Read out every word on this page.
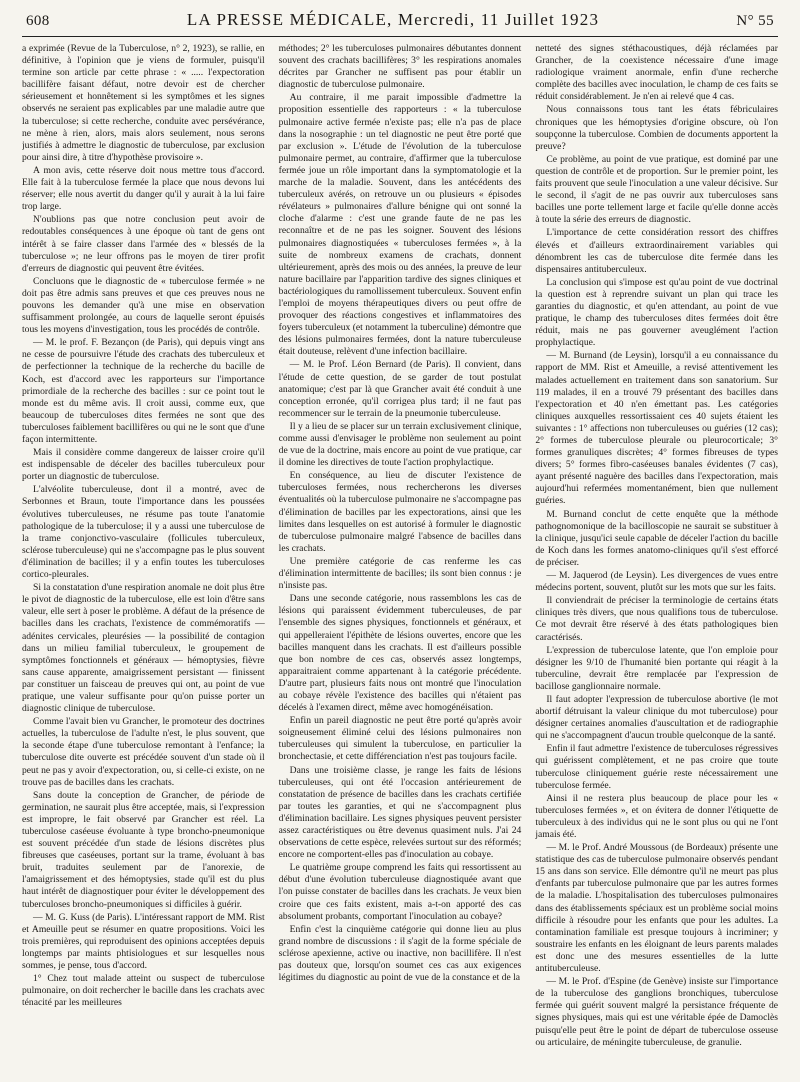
608	LA PRESSE MÉDICALE, Mercredi, 11 Juillet 1923	N° 55

a exprimée (Revue de la Tuberculose, n° 2, 1923), se rallie, en définitive, à l'opinion que je viens de formuler, puisqu'il termine son article par cette phrase : « ..... l'expectoration bacillifère faisant défaut, notre devoir est de chercher sérieusement et honnêtement si les symptômes et les signes observés ne seraient pas explicables par une maladie autre que la tuberculose; si cette recherche, conduite avec persévérance, ne mène à rien, alors, mais alors seulement, nous serons justifiés à admettre le diagnostic de tuberculose, par exclusion pour ainsi dire, à titre d'hypothèse provisoire ».

A mon avis, cette réserve doit nous mettre tous d'accord. Elle fait à la tuberculose fermée la place que nous devons lui réserver; elle nous avertit du danger qu'il y aurait à la lui faire trop large.

N'oublions pas que notre conclusion peut avoir de redoutables conséquences à une époque où tant de gens ont intérêt à se faire classer dans l'armée des « blessés de la tuberculose »; ne leur offrons pas le moyen de tirer profit d'erreurs de diagnostic qui peuvent être évitées.

Concluons que le diagnostic de « tuberculose fermée » ne doit pas être admis sans preuves et que ces preuves nous ne pouvons les demander qu'à une mise en observation suffisamment prolongée, au cours de laquelle seront épuisés tous les moyens d'investigation, tous les procédés de contrôle.

— M. le prof. F. Bezançon (de Paris), qui depuis vingt ans ne cesse de poursuivre l'étude des crachats des tuberculeux et de perfectionner la technique de la recherche du bacille de Koch, est d'accord avec les rapporteurs sur l'importance primordiale de la recherche des bacilles : sur ce point tout le monde est du même avis. Il croit aussi, comme eux, que beaucoup de tuberculoses dites fermées ne sont que des tuberculoses faiblement bacillifères ou qui ne le sont que d'une façon intermittente.

Mais il considère comme dangereux de laisser croire qu'il est indispensable de déceler des bacilles tuberculeux pour porter un diagnostic de tuberculose.

L'alvéolite tuberculeuse, dont il a montré, avec de Serbonnes et Braun, toute l'importance dans les poussées évolutives tuberculeuses, ne résume pas toute l'anatomie pathologique de la tuberculose; il y a aussi une tuberculose de la trame conjonctivo-vasculaire (follicules tuberculeux, sclérose tuberculeuse) qui ne s'accompagne pas le plus souvent d'élimination de bacilles; il y a enfin toutes les tuberculoses cortico-pleurales.

Si la constatation d'une respiration anomale ne doit plus être le pivot de diagnostic de la tuberculose, elle est loin d'être sans valeur, elle sert à poser le problème. A défaut de la présence de bacilles dans les crachats, l'existence de commémoratifs — adénites cervicales, pleurésies — la possibilité de contagion dans un milieu familial tuberculeux, le groupement de symptômes fonctionnels et généraux — hémoptysies, fièvre sans cause apparente, amaigrissement persistant — finissent par constituer un faisceau de preuves qui ont, au point de vue pratique, une valeur suffisante pour qu'on puisse porter un diagnostic clinique de tuberculose.

Comme l'avait bien vu Grancher, le promoteur des doctrines actuelles, la tuberculose de l'adulte n'est, le plus souvent, que la seconde étape d'une tuberculose remontant à l'enfance; la tuberculose dite ouverte est précédée souvent d'un stade où il peut ne pas y avoir d'expectoration, ou, si celle-ci existe, on ne trouve pas de bacilles dans les crachats.

Sans doute la conception de Grancher, de période de germination, ne saurait plus être acceptée, mais, si l'expression est impropre, le fait observé par Grancher est réel. La tuberculose caséeuse évoluante à type broncho-pneumonique est souvent précédée d'un stade de lésions discrètes plus fibreuses que caséeuses, portant sur la trame, évoluant à bas bruit, traduites seulement par de l'anorexie, de l'amaigrissement et des hémoptysies, stade qu'il est du plus haut intérêt de diagnostiquer pour éviter le développement des tuberculoses broncho-pneumoniques si difficiles à guérir.

— M. G. Kuss (de Paris). L'intéressant rapport de MM. Rist et Ameuille peut se résumer en quatre propositions. Voici les trois premières, qui reproduisent des opinions acceptées depuis longtemps par maints phtisiologues et sur lesquelles nous sommes, je pense, tous d'accord.

1° Chez tout malade atteint ou suspect de tuberculose pulmonaire, on doit rechercher le bacille dans les crachats avec ténacité par les meilleures

méthodes; 2° les tuberculoses pulmonaires débutantes donnent souvent des crachats bacillifères; 3° les respirations anomales décrites par Grancher ne suffisent pas pour établir un diagnostic de tuberculose pulmonaire.

Au contraire, il me parait impossible d'admettre la proposition essentielle des rapporteurs : « la tuberculose pulmonaire active fermée n'existe pas; elle n'a pas de place dans la nosographie : un tel diagnostic ne peut être porté que par exclusion ». L'étude de l'évolution de la tuberculose pulmonaire permet, au contraire, d'affirmer que la tuberculose fermée joue un rôle important dans la symptomatologie et la marche de la maladie. Souvent, dans les antécédents des tuberculeux avérés, on retrouve un ou plusieurs « épisodes révélateurs » pulmonaires d'allure bénigne qui ont sonné la cloche d'alarme : c'est une grande faute de ne pas les reconnaître et de ne pas les soigner. Souvent des lésions pulmonaires diagnostiquées « tuberculoses fermées », à la suite de nombreux examens de crachats, donnent ultérieurement, après des mois ou des années, la preuve de leur nature bacillaire par l'apparition tardive des signes cliniques et bactériologiques du ramollissement tuberculeux. Souvent enfin l'emploi de moyens thérapeutiques divers ou peut offre de provoquer des réactions congestives et inflammatoires des foyers tuberculeux (et notamment la tuberculine) démontre que des lésions pulmonaires fermées, dont la nature tuberculeuse était douteuse, relèvent d'une infection bacillaire.

— M. le Prof. Léon Bernard (de Paris). Il convient, dans l'étude de cette question, de se garder de tout postulat anatomique; c'est par là que Grancher avait été conduit à une conception erronée, qu'il corrigea plus tard; il ne faut pas recommencer sur le terrain de la pneumonie tuberculeuse.

Il y a lieu de se placer sur un terrain exclusivement clinique, comme aussi d'envisager le problème non seulement au point de vue de la doctrine, mais encore au point de vue pratique, car il domine les directives de toute l'action prophylactique.

En conséquence, au lieu de discuter l'existence de tuberculoses fermées, nous rechercherons les diverses éventualités où la tuberculose pulmonaire ne s'accompagne pas d'élimination de bacilles par les expectorations, ainsi que les limites dans lesquelles on est autorisé à formuler le diagnostic de tuberculose pulmonaire malgré l'absence de bacilles dans les crachats.

Une première catégorie de cas renferme les cas d'élimination intermittente de bacilles; ils sont bien connus : je n'insiste pas.

Dans une seconde catégorie, nous rassemblons les cas de lésions qui paraissent évidemment tuberculeuses, de par l'ensemble des signes physiques, fonctionnels et généraux, et qui appelleraient l'épithète de lésions ouvertes, encore que les bacilles manquent dans les crachats. Il est d'ailleurs possible que bon nombre de ces cas, observés assez longtemps, apparaitraient comme appartenant à la catégorie précédente. D'autre part, plusieurs faits nous ont montré que l'inoculation au cobaye révèle l'existence des bacilles qui n'étaient pas décelés à l'examen direct, même avec homogénéisation.

Enfin un pareil diagnostic ne peut être porté qu'après avoir soigneusement éliminé celui des lésions pulmonaires non tuberculeuses qui simulent la tuberculose, en particulier la bronchectasie, et cette différenciation n'est pas toujours facile.

Dans une troisième classe, je range les faits de lésions tuberculeuses, qui ont été l'occasion antérieurement de constatation de présence de bacilles dans les crachats certifiée par toutes les garanties, et qui ne s'accompagnent plus d'élimination bacillaire. Les signes physiques peuvent persister assez caractéristiques ou être devenus quasiment nuls. J'ai 24 observations de cette espèce, relevées surtout sur des réformés; encore ne comportent-elles pas d'inoculation au cobaye.

Le quatrième groupe comprend les faits qui ressortissent au début d'une évolution tuberculeuse diagnostiquée avant que l'on puisse constater de bacilles dans les crachats. Je veux bien croire que ces faits existent, mais a-t-on apporté des cas absolument probants, comportant l'inoculation au cobaye?

Enfin c'est la cinquième catégorie qui donne lieu au plus grand nombre de discussions : il s'agit de la forme spéciale de sclérose apexienne, active ou inactive, non bacillifère. Il n'est pas douteux que, lorsqu'on soumet ces cas aux exigences légitimes du diagnostic au point de vue de la constance et de la

netteté des signes stéthacoustiques, déjà réclamées par Grancher, de la coexistence nécessaire d'une image radiologique vraiment anormale, enfin d'une recherche complète des bacilles avec inoculation, le champ de ces faits se réduit considérablement. Je n'en ai relevé que 4 cas.

Nous connaissons tous tant les états fébriculaires chroniques que les hémoptysies d'origine obscure, où l'on soupçonne la tuberculose. Combien de documents apportent la preuve?

Ce problème, au point de vue pratique, est dominé par une question de contrôle et de proportion. Sur le premier point, les faits prouvent que seule l'inoculation a une valeur décisive. Sur le second, il s'agit de ne pas ouvrir aux tuberculoses sans bacilles une porte tellement large et facile qu'elle donne accès à toute la série des erreurs de diagnostic.

L'importance de cette considération ressort des chiffres élevés et d'ailleurs extraordinairement variables qui dénombrent les cas de tuberculose dite fermée dans les dispensaires antituberculeux.

La conclusion qui s'impose est qu'au point de vue doctrinal la question est à reprendre suivant un plan qui trace les garanties du diagnostic, et qu'en attendant, au point de vue pratique, le champ des tuberculoses dites fermées doit être réduit, mais ne pas gouverner aveuglément l'action prophylactique.

— M. Burnand (de Leysin), lorsqu'il a eu connaissance du rapport de MM. Rist et Ameuille, a revisé attentivement les malades actuellement en traitement dans son sanatorium. Sur 119 malades, il en a trouvé 79 présentant des bacilles dans l'expectoration et 40 n'en émettant pas. Les catégories cliniques auxquelles ressortissaient ces 40 sujets étaient les suivantes : 1° affections non tuberculeuses ou guéries (12 cas); 2° formes de tuberculose pleurale ou pleurocorticale; 3° formes granuliques discrètes; 4° formes fibreuses de types divers; 5° formes fibro-caséeuses banales évidentes (7 cas), ayant présenté naguère des bacilles dans l'expectoration, mais aujourd'hui refermées momentanément, bien que nullement guéries.

M. Burnand conclut de cette enquête que la méthode pathognomonique de la bacilloscopie ne saurait se substituer à la clinique, jusqu'ici seule capable de déceler l'action du bacille de Koch dans les formes anatomo-cliniques qu'il s'est efforcé de préciser.

— M. Jaquerod (de Leysin). Les divergences de vues entre médecins portent, souvent, plutôt sur les mots que sur les faits.

Il conviendrait de préciser la terminologie de certains états cliniques très divers, que nous qualifions tous de tuberculose. Ce mot devrait être réservé à des états pathologiques bien caractérisés.

L'expression de tuberculose latente, que l'on emploie pour désigner les 9/10 de l'humanité bien portante qui réagit à la tuberculine, devrait être remplacée par l'expression de bacillose ganglionnaire normale.

Il faut adopter l'expression de tuberculose abortive (le mot abortif détruisant la valeur clinique du mot tuberculose) pour désigner certaines anomalies d'auscultation et de radiographie qui ne s'accompagnent d'aucun trouble quelconque de la santé.

Enfin il faut admettre l'existence de tuberculoses régressives qui guérissent complètement, et ne pas croire que toute tuberculose cliniquement guérie reste nécessairement une tuberculose fermée.

Ainsi il ne restera plus beaucoup de place pour les « tuberculoses fermées », et on évitera de donner l'étiquette de tuberculeux à des individus qui ne le sont plus ou qui ne l'ont jamais été.

— M. le Prof. André Moussous (de Bordeaux) présente une statistique des cas de tuberculose pulmonaire observés pendant 15 ans dans son service. Elle démontre qu'il ne meurt pas plus d'enfants par tuberculose pulmonaire que par les autres formes de la maladie. L'hospitalisation des tuberculoses pulmonaires dans des établissements spéciaux est un problème social moins difficile à résoudre pour les enfants que pour les adultes. La contamination familiale est presque toujours à incriminer; y soustraire les enfants en les éloignant de leurs parents malades est donc une des mesures essentielles de la lutte antituberculeuse.

— M. le Prof. d'Espine (de Genève) insiste sur l'importance de la tuberculose des ganglions bronchiques, tuberculose fermée qui guérit souvent malgré la persistance fréquente de signes physiques, mais qui est une véritable épée de Damoclès puisqu'elle peut être le point de départ de tuberculose osseuse ou articulaire, de méningite tuberculeuse, de granulie.
